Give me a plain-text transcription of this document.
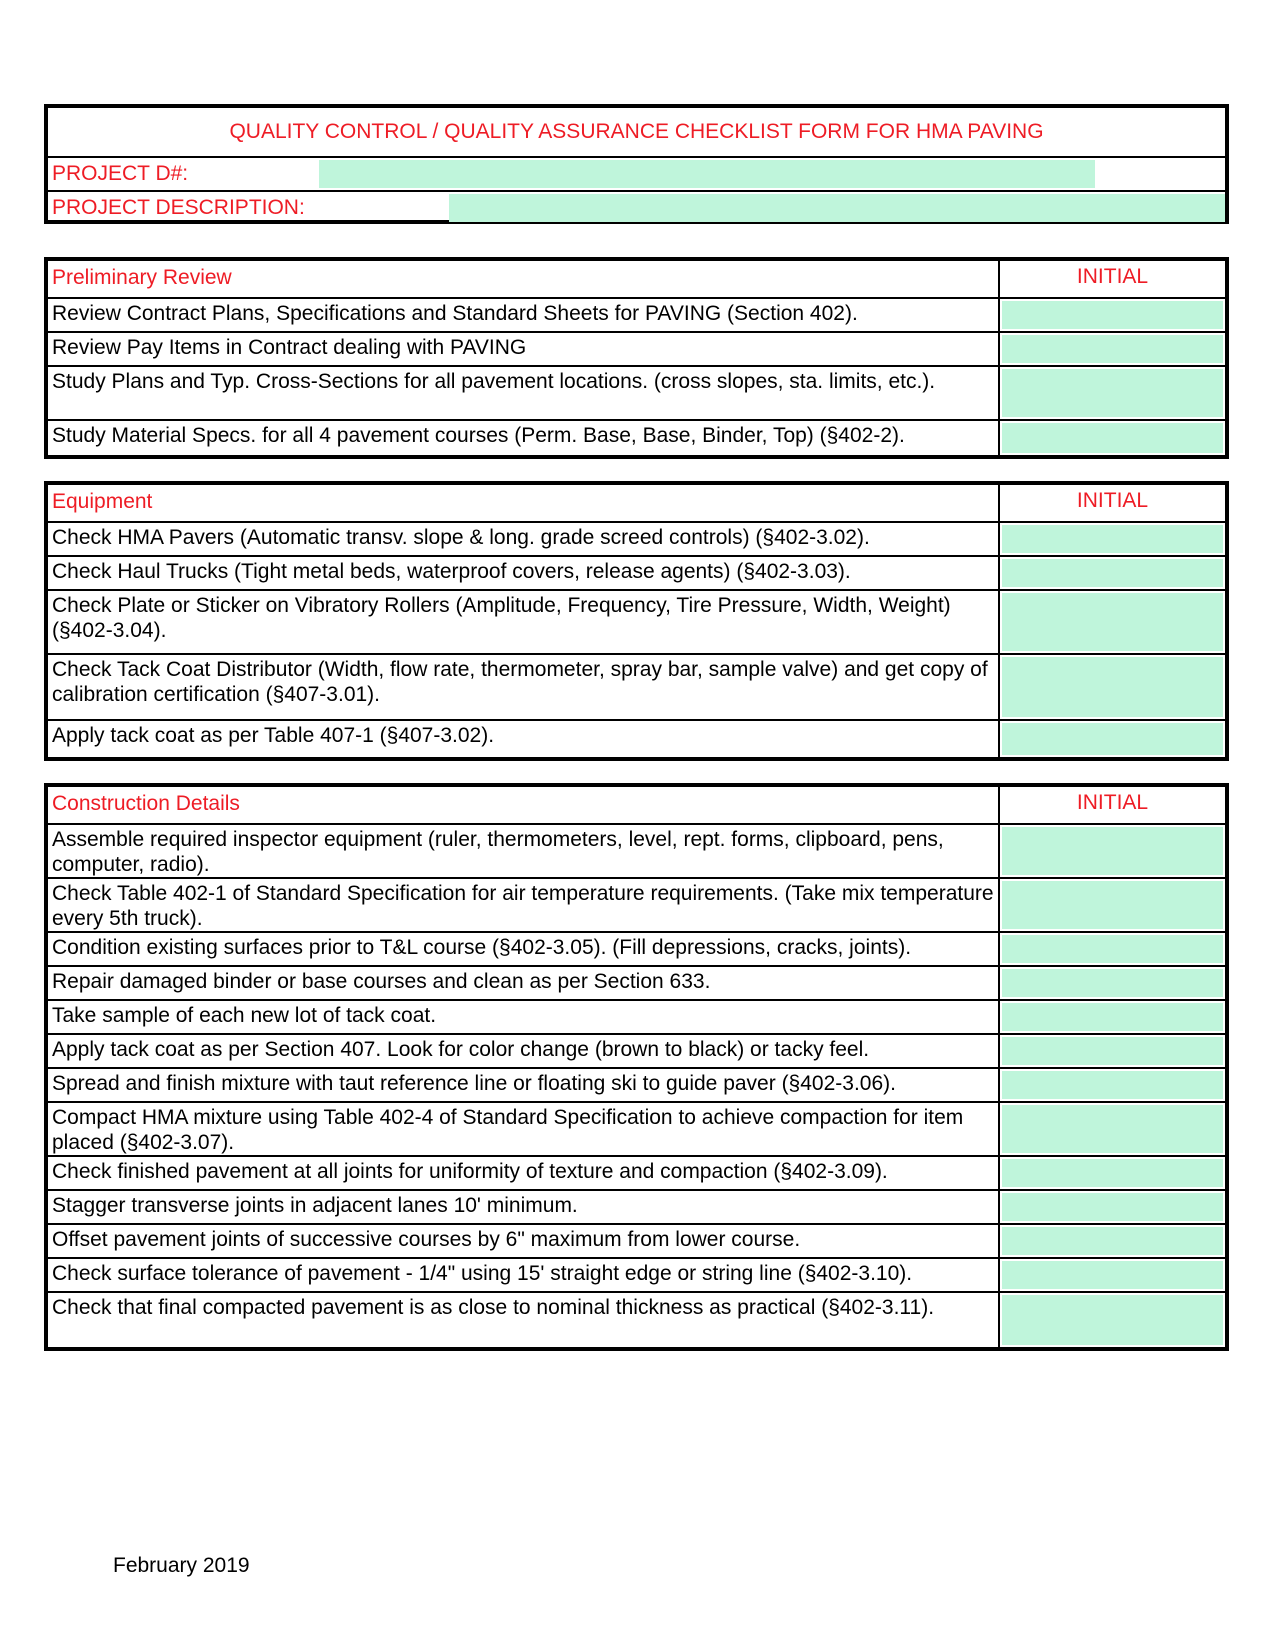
QUALITY CONTROL / QUALITY ASSURANCE CHECKLIST FORM FOR HMA PAVING
PROJECT D#:
PROJECT DESCRIPTION:
Preliminary Review	INITIAL
Review Contract Plans, Specifications and Standard Sheets for PAVING (Section 402).
Review Pay Items in Contract dealing with PAVING
Study Plans and Typ. Cross-Sections for all pavement locations. (cross slopes, sta. limits, etc.).
Study Material Specs. for all 4 pavement courses (Perm. Base, Base, Binder, Top) (§402-2).
Equipment	INITIAL
Check HMA Pavers (Automatic transv. slope & long. grade screed controls) (§402-3.02).
Check Haul Trucks (Tight metal beds, waterproof covers, release agents) (§402-3.03).
Check Plate or Sticker on Vibratory Rollers (Amplitude, Frequency, Tire Pressure, Width, Weight) (§402-3.04).
Check Tack Coat Distributor (Width, flow rate, thermometer, spray bar, sample valve) and get copy of calibration certification (§407-3.01).
Apply tack coat as per Table 407-1 (§407-3.02).
Construction Details	INITIAL
Assemble required inspector equipment (ruler, thermometers, level, rept. forms, clipboard, pens, computer, radio).
Check Table 402-1 of Standard Specification for air temperature requirements. (Take mix temperature every 5th truck).
Condition existing surfaces prior to T&L course (§402-3.05). (Fill depressions, cracks, joints).
Repair damaged binder or base courses and clean as per Section 633.
Take sample of each new lot of tack coat.
Apply tack coat as per Section 407. Look for color change (brown to black) or tacky feel.
Spread and finish mixture with taut reference line or floating ski to guide paver (§402-3.06).
Compact HMA mixture using Table 402-4 of Standard Specification to achieve compaction for item placed (§402-3.07).
Check finished pavement at all joints for uniformity of texture and compaction (§402-3.09).
Stagger transverse joints in adjacent lanes 10' minimum.
Offset pavement joints of successive courses by 6" maximum from lower course.
Check surface tolerance of pavement - 1/4" using 15' straight edge or string line (§402-3.10).
Check that final compacted pavement is as close to nominal thickness as practical (§402-3.11).
February 2019
